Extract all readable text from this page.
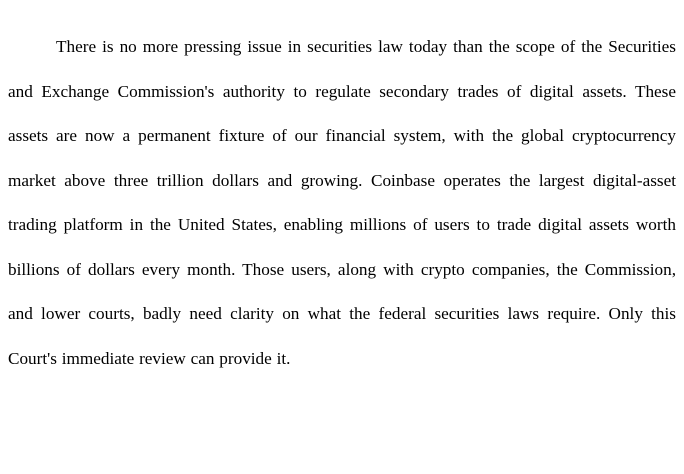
There is no more pressing issue in securities law today than the scope of the Securities and Exchange Commission's authority to regulate secondary trades of digital assets. These assets are now a permanent fixture of our financial system, with the global cryptocurrency market above three trillion dollars and growing. Coinbase operates the largest digital-asset trading platform in the United States, enabling millions of users to trade digital assets worth billions of dollars every month. Those users, along with crypto companies, the Commission, and lower courts, badly need clarity on what the federal securities laws require. Only this Court's immediate review can provide it.
